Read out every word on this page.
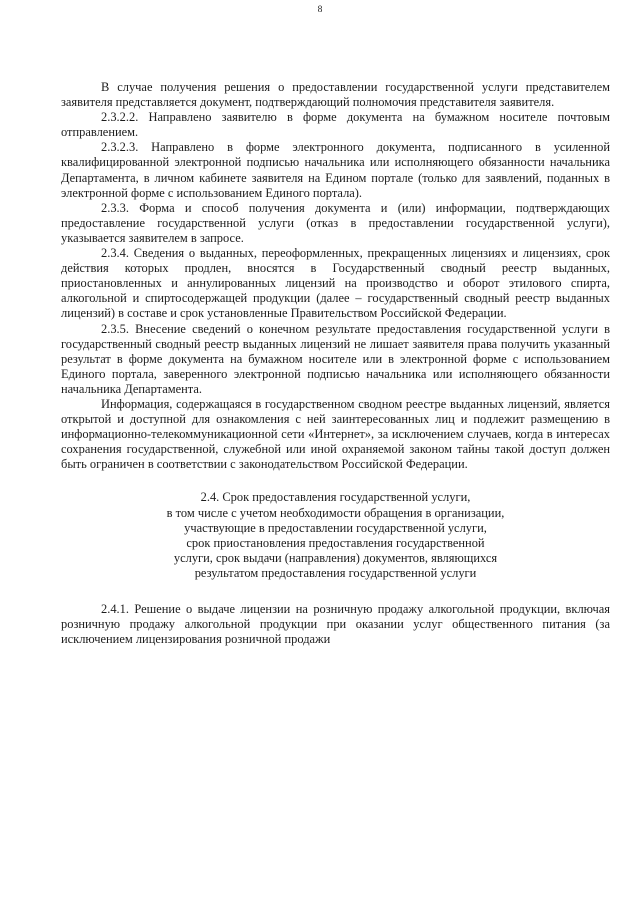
8

В случае получения решения о предоставлении государственной услуги представителем заявителя представляется документ, подтверждающий полномочия представителя заявителя.

2.3.2.2. Направлено заявителю в форме документа на бумажном носителе почтовым отправлением.

2.3.2.3. Направлено в форме электронного документа, подписанного в усиленной квалифицированной электронной подписью начальника или исполняющего обязанности начальника Департамента, в личном кабинете заявителя на Едином портале (только для заявлений, поданных в электронной форме с использованием Единого портала).

2.3.3. Форма и способ получения документа и (или) информации, подтверждающих предоставление государственной услуги (отказ в предоставлении государственной услуги), указывается заявителем в запросе.

2.3.4. Сведения о выданных, переоформленных, прекращенных лицензиях и лицензиях, срок действия которых продлен, вносятся в Государственный сводный реестр выданных, приостановленных и аннулированных лицензий на производство и оборот этилового спирта, алкогольной и спиртосодержащей продукции (далее – государственный сводный реестр выданных лицензий) в составе и срок установленные Правительством Российской Федерации.

2.3.5. Внесение сведений о конечном результате предоставления государственной услуги в государственный сводный реестр выданных лицензий не лишает заявителя права получить указанный результат в форме документа на бумажном носителе или в электронной форме с использованием Единого портала, заверенного электронной подписью начальника или исполняющего обязанности начальника Департамента.

Информация, содержащаяся в государственном сводном реестре выданных лицензий, является открытой и доступной для ознакомления с ней заинтересованных лиц и подлежит размещению в информационно-телекоммуникационной сети «Интернет», за исключением случаев, когда в интересах сохранения государственной, служебной или иной охраняемой законом тайны такой доступ должен быть ограничен в соответствии с законодательством Российской Федерации.

2.4. Срок предоставления государственной услуги,
в том числе с учетом необходимости обращения в организации,
участвующие в предоставлении государственной услуги,
срок приостановления предоставления государственной
услуги, срок выдачи (направления) документов, являющихся
результатом предоставления государственной услуги

2.4.1. Решение о выдаче лицензии на розничную продажу алкогольной продукции, включая розничную продажу алкогольной продукции при оказании услуг общественного питания (за исключением лицензирования розничной продажи
